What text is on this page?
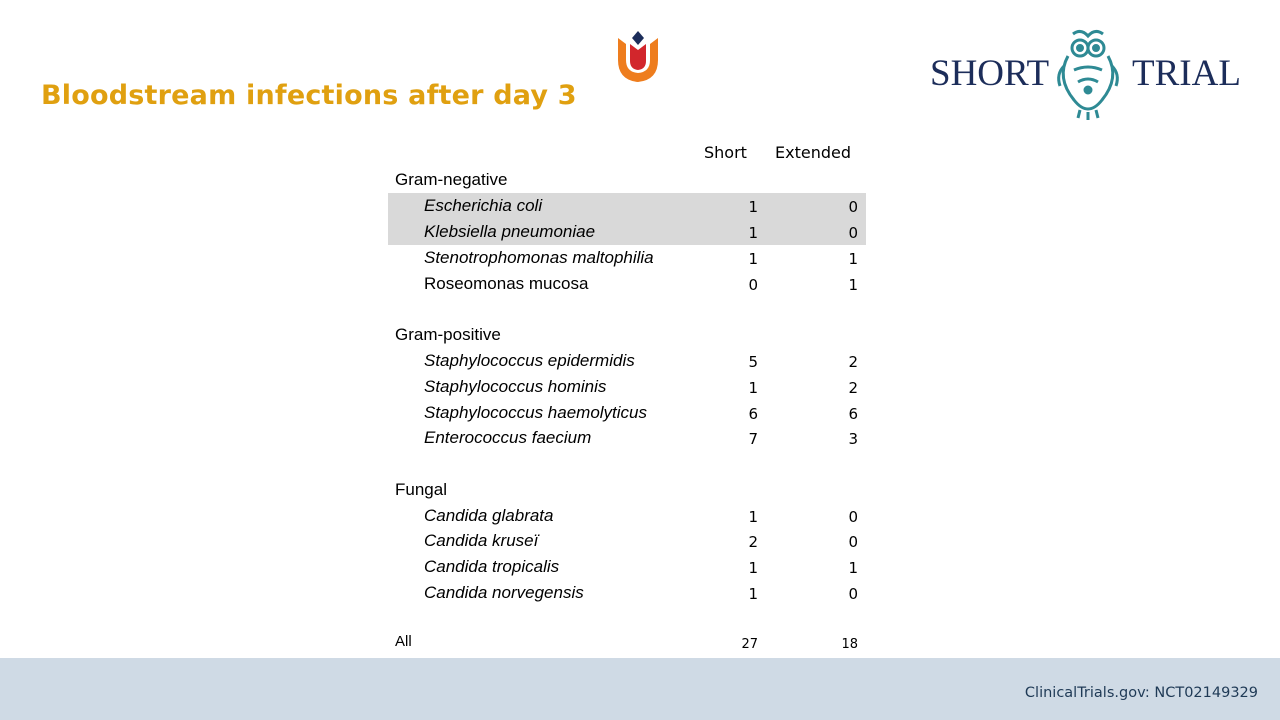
Bloodstream infections after day 3
SHORT TRIAL
Short Extended
Gram-negative
Escherichia coli	1	0
Klebsiella pneumoniae	1	0
Stenotrophomonas maltophilia	1	1
Roseomonas mucosa	0	1
Gram-positive
Staphylococcus epidermidis	5	2
Staphylococcus hominis	1	2
Staphylococcus haemolyticus	6	6
Enterococcus faecium	7	3
Fungal
Candida glabrata	1	0
Candida kruseï	2	0
Candida tropicalis	1	1
Candida norvegensis	1	0
All	27	18
ClinicalTrials.gov: NCT02149329
